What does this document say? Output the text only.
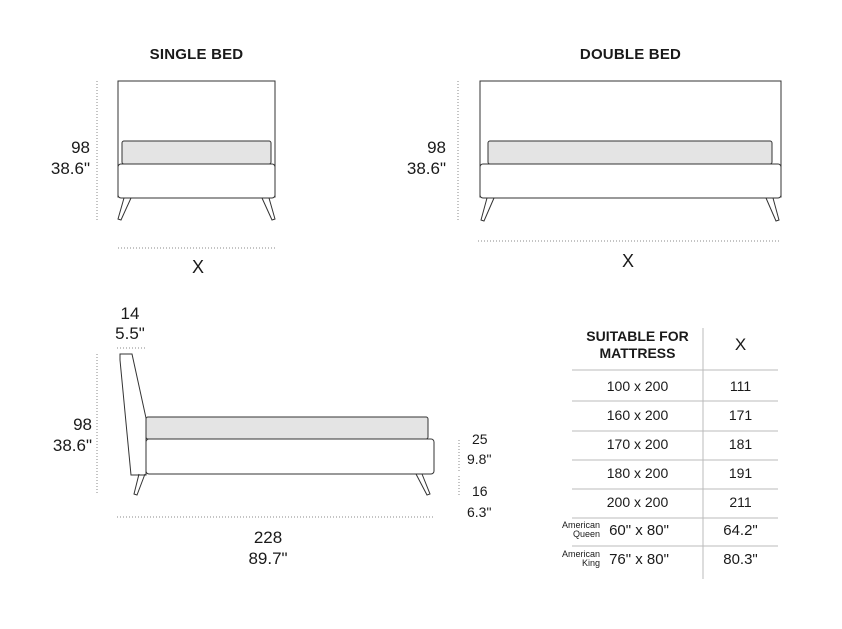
SINGLE BED
98
38.6"
X
DOUBLE BED
98
38.6"
X
14
5.5"
98
38.6"	25
9.8"
16
6.3"
228
89.7"
SUITABLE FOR
MATTRESS	X
100 x 200	111
160 x 200	171
170 x 200	181
180 x 200	191
200 x 200	211
American
Queen 60" x 80"	64.2"
American
King 76" x 80"	80.3"
